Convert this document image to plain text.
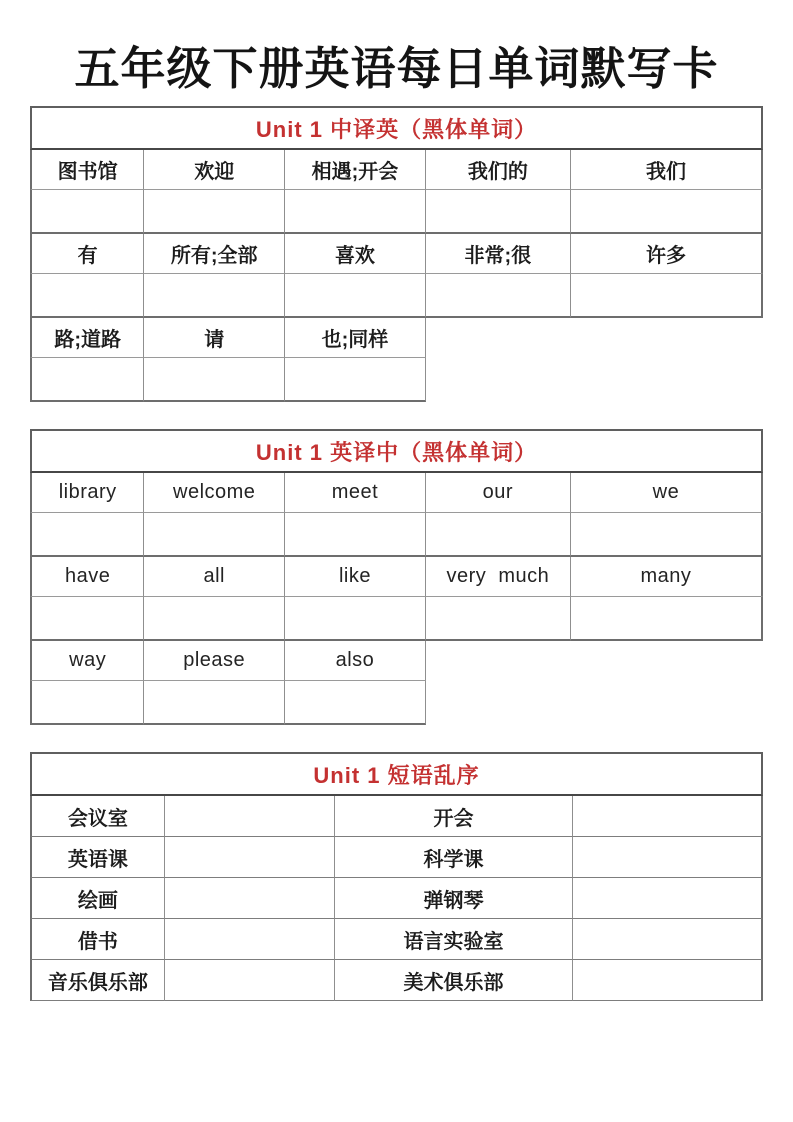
五年级下册英语每日单词默写卡
Unit 1 中译英（黑体单词）
图书馆	欢迎	相遇;开会	我们的	我们
有	所有;全部	喜欢	非常;很	许多
路;道路	请	也;同样
Unit 1 英译中（黑体单词）
library	welcome	meet	our	we
have	all	like	very much	many
way	please	also
Unit 1 短语乱序
会议室	开会
英语课	科学课
绘画	弹钢琴
借书	语言实验室
音乐俱乐部	美术俱乐部
